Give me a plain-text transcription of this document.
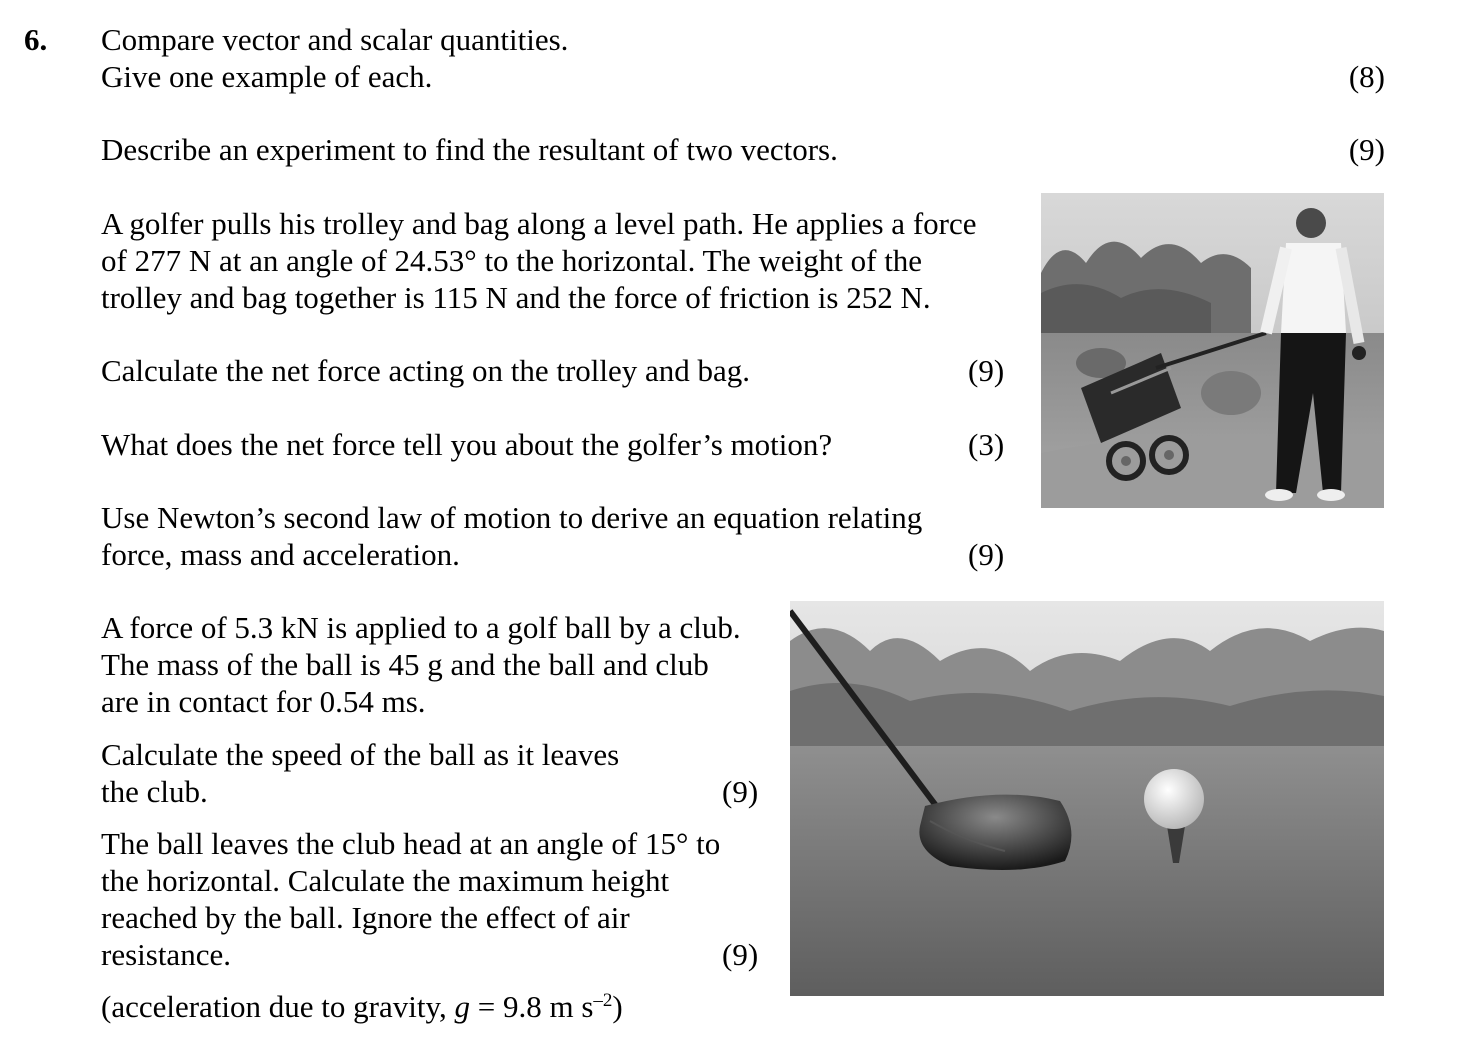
6. Compare vector and scalar quantities.
Give one example of each.	(8)
Describe an experiment to find the resultant of two vectors.	(9)
A golfer pulls his trolley and bag along a level path. He applies a force
of 277 N at an angle of 24.53° to the horizontal. The weight of the
trolley and bag together is 115 N and the force of friction is 252 N.
Calculate the net force acting on the trolley and bag.	(9)
What does the net force tell you about the golfer’s motion?	(3)
Use Newton’s second law of motion to derive an equation relating
force, mass and acceleration.	(9)
A force of 5.3 kN is applied to a golf ball by a club.
The mass of the ball is 45 g and the ball and club
are in contact for 0.54 ms.
Calculate the speed of the ball as it leaves
the club.	(9)
The ball leaves the club head at an angle of 15° to
the horizontal. Calculate the maximum height
reached by the ball. Ignore the effect of air
resistance.	(9)
(acceleration due to gravity, g = 9.8 m $s^{-2}$)
